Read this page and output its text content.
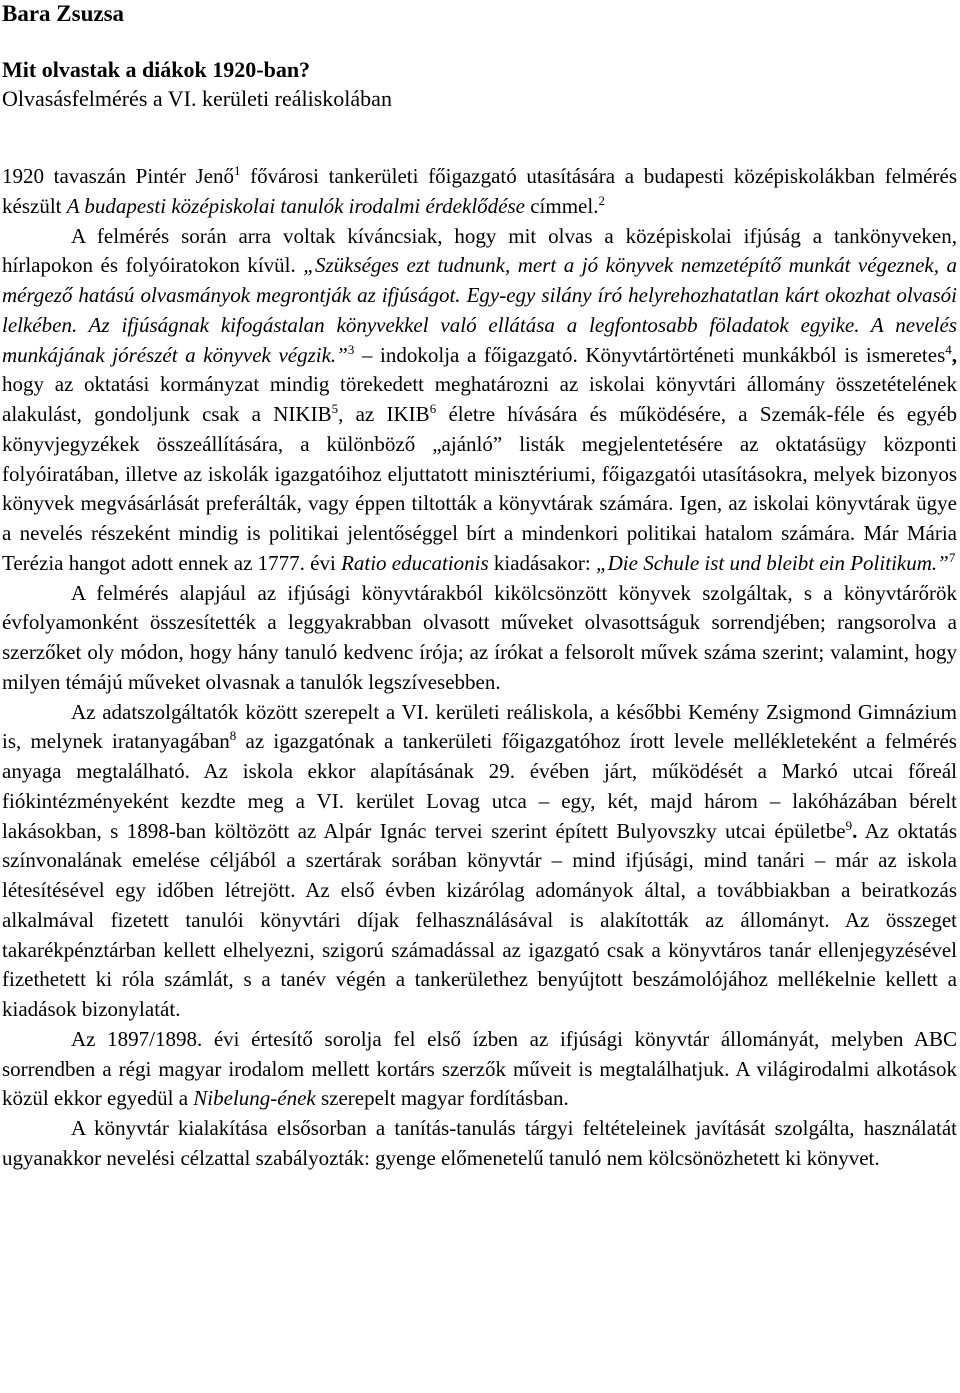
Bara Zsuzsa
Mit olvastak a diákok 1920-ban?
Olvasásfelmérés a VI. kerületi reáliskolában

1920 tavaszán Pintér Jenő$^1$ fővárosi tankerületi főigazgató utasítására a budapesti középiskolákban felmérés készült A budapesti középiskolai tanulók irodalmi érdeklődése címmel.$^2$

A felmérés során arra voltak kíváncsiak, hogy mit olvas a középiskolai ifjúság a tankönyveken, hírlapokon és folyóiratokon kívül. „Szükséges ezt tudnunk, mert a jó könyvek nemzetépítő munkát végeznek, a mérgező hatású olvasmányok megrontják az ifjúságot. Egy-egy silány író helyrehozhatatlan kárt okozhat olvasói lelkében. Az ifjúságnak kifogástalan könyvekkel való ellátása a legfontosabb föladatok egyike. A nevelés munkájának jórészét a könyvek végzik.”$^3$ – indokolja a főigazgató. Könyvtártörténeti munkákból is ismeretes$^4$, hogy az oktatási kormányzat mindig törekedett meghatározni az iskolai könyvtári állomány összetételének alakulást, gondoljunk csak a NIKIB$^5$, az IKIB$^6$ életre hívására és működésére, a Szemák-féle és egyéb könyvjegyzékek összeállítására, a különböző „ajánló” listák megjelentetésére az oktatásügy központi folyóiratában, illetve az iskolák igazgatóihoz eljuttatott minisztériumi, főigazgatói utasításokra, melyek bizonyos könyvek megvásárlását preferálták, vagy éppen tiltották a könyvtárak számára. Igen, az iskolai könyvtárak ügye a nevelés részeként mindig is politikai jelentőséggel bírt a mindenkori politikai hatalom számára. Már Mária Terézia hangot adott ennek az 1777. évi Ratio educationis kiadásakor: „Die Schule ist und bleibt ein Politikum.”$^7$

A felmérés alapjául az ifjúsági könyvtárakból kikölcsönzött könyvek szolgáltak, s a könyvtárőrök évfolyamonként összesítették a leggyakrabban olvasott műveket olvasottságuk sorrendjében; rangsorolva a szerzőket oly módon, hogy hány tanuló kedvenc írója; az írókat a felsorolt művek száma szerint; valamint, hogy milyen témájú műveket olvasnak a tanulók legszívesebben.

Az adatszolgáltatók között szerepelt a VI. kerületi reáliskola, a későbbi Kemény Zsigmond Gimnázium is, melynek iratanyagában$^8$ az igazgatónak a tankerületi főigazgatóhoz írott levele mellékleteként a felmérés anyaga megtalálható. Az iskola ekkor alapításának 29. évében járt, működését a Markó utcai főreál fiókintézményeként kezdte meg a VI. kerület Lovag utca – egy, két, majd három – lakóházában bérelt lakásokban, s 1898-ban költözött az Alpár Ignác tervei szerint épített Bulyovszky utcai épületbe$^9$. Az oktatás színvonalának emelése céljából a szertárak sorában könyvtár – mind ifjúsági, mind tanári – már az iskola létesítésével egy időben létrejött. Az első évben kizárólag adományok által, a továbbiakban a beiratkozás alkalmával fizetett tanulói könyvtári díjak felhasználásával is alakították az állományt. Az összeget takarékpénztárban kellett elhelyezni, szigorú számadással az igazgató csak a könyvtáros tanár ellenjegyzésével fizethetett ki róla számlát, s a tanév végén a tankerülethez benyújtott beszámolójához mellékelnie kellett a kiadások bizonylatát.

Az 1897/1898. évi értesítő sorolja fel első ízben az ifjúsági könyvtár állományát, melyben ABC sorrendben a régi magyar irodalom mellett kortárs szerzők műveit is megtalálhatjuk. A világirodalmi alkotások közül ekkor egyedül a Nibelung-ének szerepelt magyar fordításban.

A könyvtár kialakítása elsősorban a tanítás-tanulás tárgyi feltételeinek javítását szolgálta, használatát ugyanakkor nevelési célzattal szabályozták: gyenge előmenetelű tanuló nem kölcsönözhetett ki könyvet.
